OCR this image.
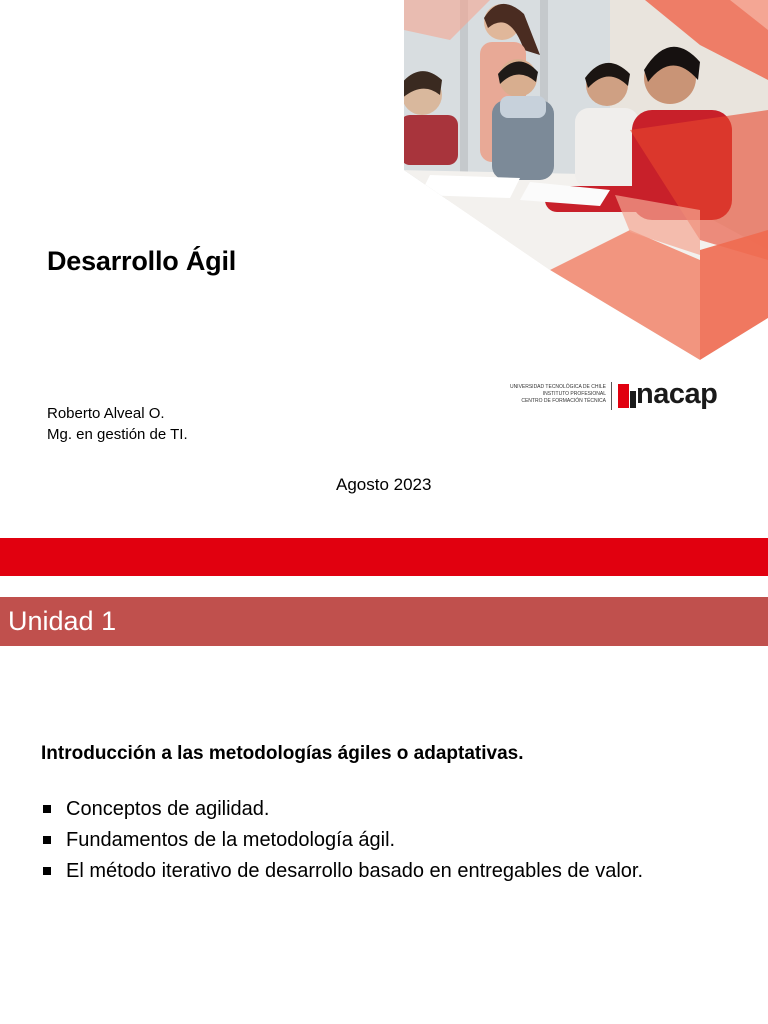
Desarrollo Ágil
Roberto Alveal O.
Mg. en gestión de TI.
Agosto 2023
UNIVERSIDAD TECNOLÓGICA DE CHILE
INSTITUTO PROFESIONAL
CENTRO DE FORMACIÓN TÉCNICA nacap
Unidad 1
Introducción a las metodologías ágiles o adaptativas.
Conceptos de agilidad.
Fundamentos de la metodología ágil.
El método iterativo de desarrollo basado en entregables de valor.
